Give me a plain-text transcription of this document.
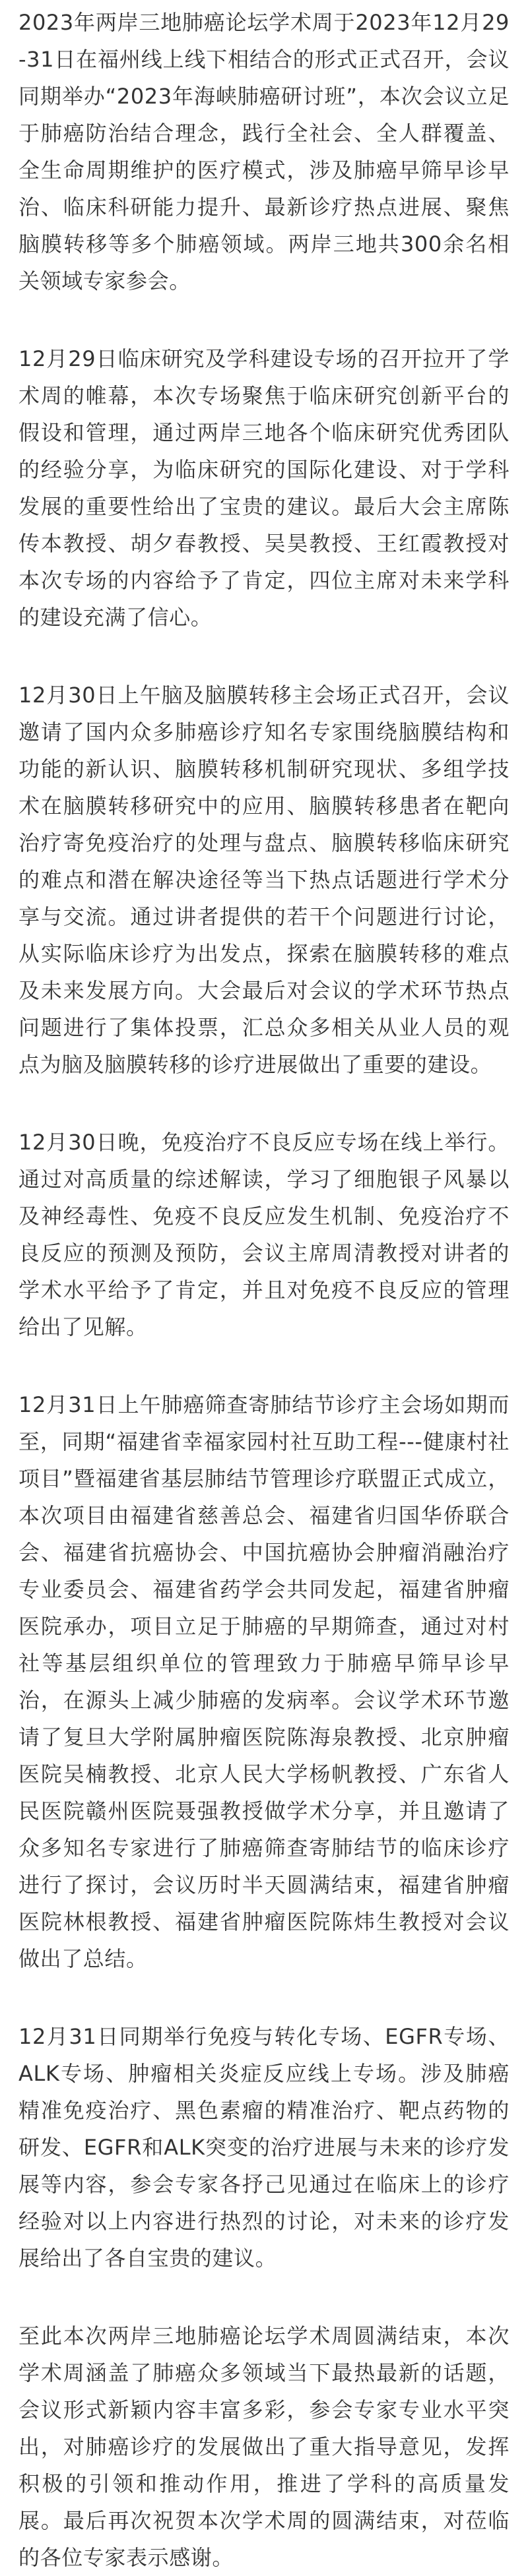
2023年两岸三地肺癌论坛学术周于2023年12月29-31日在福州线上线下相结合的形式正式召开，会议同期举办“2023年海峡肺癌研讨班”，本次会议立足于肺癌防治结合理念，践行全社会、全人群覆盖、全生命周期维护的医疗模式，涉及肺癌早筛早诊早治、临床科研能力提升、最新诊疗热点进展、聚焦脑膜转移等多个肺癌领域。两岸三地共300余名相关领域专家参会。

12月29日临床研究及学科建设专场的召开拉开了学术周的帷幕，本次专场聚焦于临床研究创新平台的假设和管理，通过两岸三地各个临床研究优秀团队的经验分享，为临床研究的国际化建设、对于学科发展的重要性给出了宝贵的建议。最后大会主席陈传本教授、胡夕春教授、吴昊教授、王红霞教授对本次专场的内容给予了肯定，四位主席对未来学科的建设充满了信心。

12月30日上午脑及脑膜转移主会场正式召开，会议邀请了国内众多肺癌诊疗知名专家围绕脑膜结构和功能的新认识、脑膜转移机制研究现状、多组学技术在脑膜转移研究中的应用、脑膜转移患者在靶向治疗寄免疫治疗的处理与盘点、脑膜转移临床研究的难点和潜在解决途径等当下热点话题进行学术分享与交流。通过讲者提供的若干个问题进行讨论，从实际临床诊疗为出发点，探索在脑膜转移的难点及未来发展方向。大会最后对会议的学术环节热点问题进行了集体投票，汇总众多相关从业人员的观点为脑及脑膜转移的诊疗进展做出了重要的建设。

12月30日晚，免疫治疗不良反应专场在线上举行。通过对高质量的综述解读，学习了细胞银子风暴以及神经毒性、免疫不良反应发生机制、免疫治疗不良反应的预测及预防，会议主席周清教授对讲者的学术水平给予了肯定，并且对免疫不良反应的管理给出了见解。

12月31日上午肺癌筛查寄肺结节诊疗主会场如期而至，同期“福建省幸福家园村社互助工程---健康村社项目”暨福建省基层肺结节管理诊疗联盟正式成立，本次项目由福建省慈善总会、福建省归国华侨联合会、福建省抗癌协会、中国抗癌协会肿瘤消融治疗专业委员会、福建省药学会共同发起，福建省肿瘤医院承办，项目立足于肺癌的早期筛查，通过对村社等基层组织单位的管理致力于肺癌早筛早诊早治，在源头上减少肺癌的发病率。会议学术环节邀请了复旦大学附属肿瘤医院陈海泉教授、北京肿瘤医院吴楠教授、北京人民大学杨帆教授、广东省人民医院赣州医院聂强教授做学术分享，并且邀请了众多知名专家进行了肺癌筛查寄肺结节的临床诊疗进行了探讨，会议历时半天圆满结束，福建省肿瘤医院林根教授、福建省肿瘤医院陈炜生教授对会议做出了总结。

12月31日同期举行免疫与转化专场、EGFR专场、ALK专场、肿瘤相关炎症反应线上专场。涉及肺癌精准免疫治疗、黑色素瘤的精准治疗、靶点药物的研发、EGFR和ALK突变的治疗进展与未来的诊疗发展等内容，参会专家各抒己见通过在临床上的诊疗经验对以上内容进行热烈的讨论，对未来的诊疗发展给出了各自宝贵的建议。

至此本次两岸三地肺癌论坛学术周圆满结束，本次学术周涵盖了肺癌众多领域当下最热最新的话题，会议形式新颖内容丰富多彩，参会专家专业水平突出，对肺癌诊疗的发展做出了重大指导意见，发挥积极的引领和推动作用，推进了学科的高质量发展。最后再次祝贺本次学术周的圆满结束，对莅临的各位专家表示感谢。
